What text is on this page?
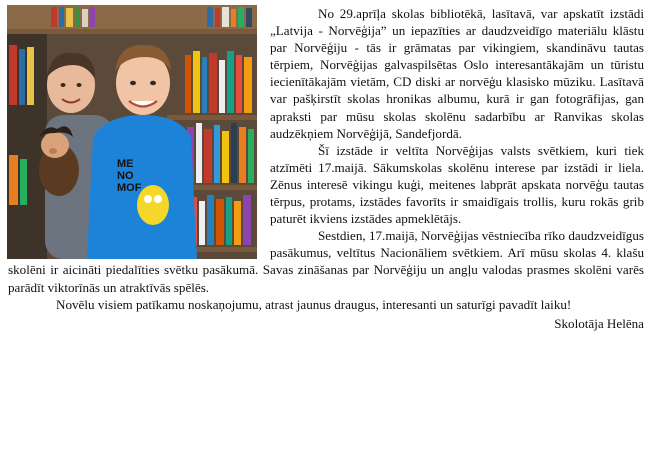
ME
NO
MOF

No 29.aprīļa skolas bibliotēkā, lasītavā, var apskatīt izstādi „Latvija - Norvēģija” un iepazīties ar daudzveidīgo materiālu klāstu par Norvēģiju - tās ir grāmatas par vikingiem, skandināvu tautas tērpiem, Norvēģijas galvaspilsētas Oslo interesantākajām un tūristu iecienītākajām vietām, CD diski ar norvēģu klasisko mūziku. Lasītavā var pašķirstīt skolas hronikas albumu, kurā ir gan fotogrāfijas, gan apraksti par mūsu skolas skolēnu sadarbību ar Ranvikas skolas audzēkņiem Norvēģijā, Sandefjordā.

Šī izstāde ir veltīta Norvēģijas valsts svētkiem, kuri tiek atzīmēti 17.maijā. Sākumskolas skolēnu interese par izstādi ir liela. Zēnus interesē vikingu kuģi, meitenes labprāt apskata norvēģu tautas tērpus, protams, izstādes favorīts ir smaidīgais trollis, kuru rokās grib paturēt ikviens izstādes apmeklētājs.

Sestdien, 17.maijā, Norvēģijas vēstniecība rīko daudzveidīgus pasākumus, veltītus Nacionāliem svētkiem. Arī mūsu skolas 4. klašu skolēni ir aicināti piedalīties svētku pasākumā. Savas zināšanas par Norvēģiju un angļu valodas prasmes skolēni varēs parādīt viktorīnās un atraktīvās spēlēs.

Novēlu visiem patīkamu noskaņojumu, atrast jaunus draugus, interesanti un saturīgi pavadīt laiku!

Skolotāja Helēna
